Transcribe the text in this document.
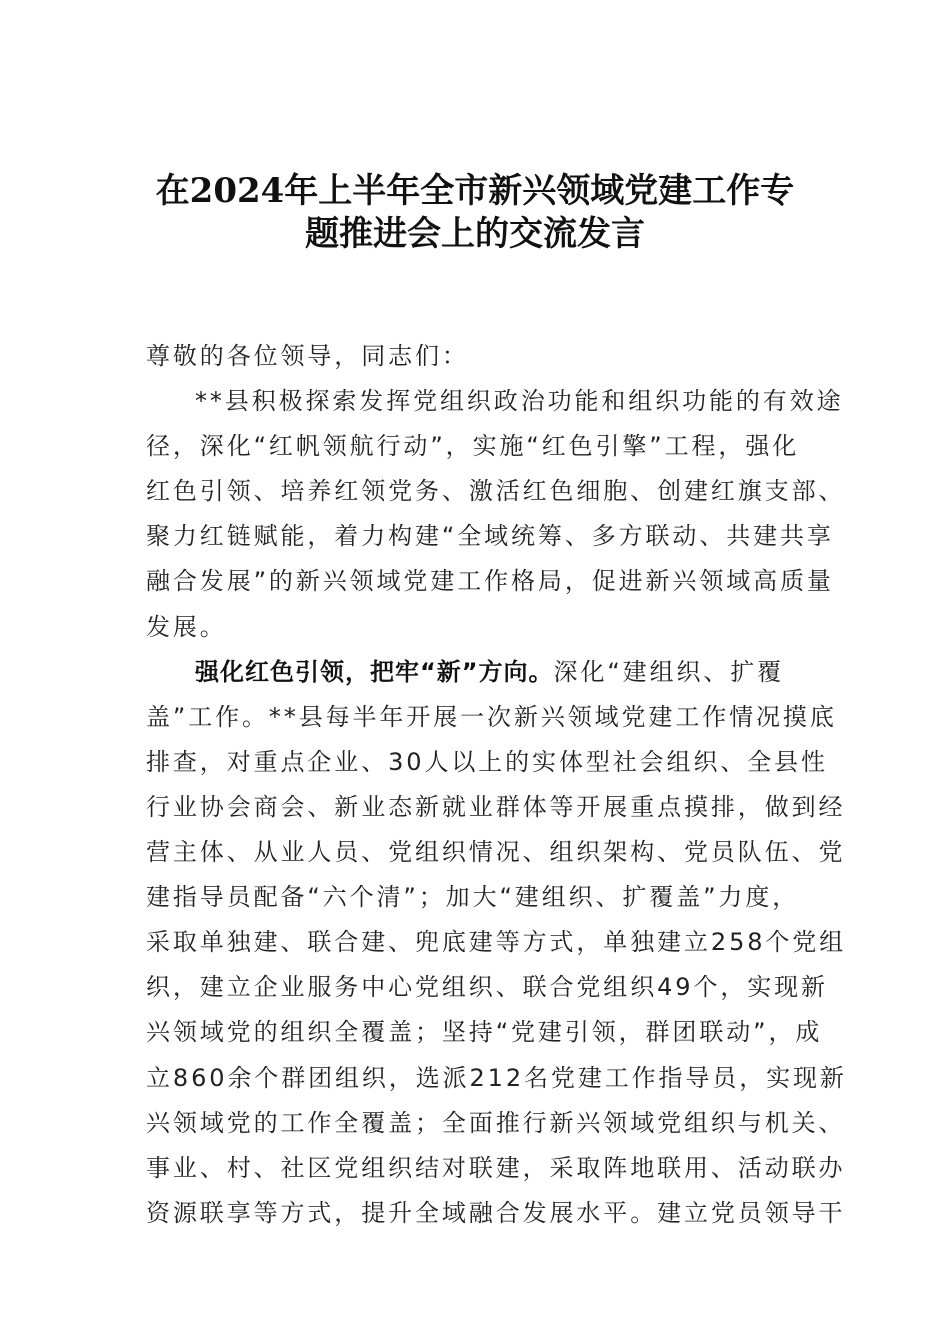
在2024年上半年全市新兴领域党建工作专
题推进会上的交流发言
尊敬的各位领导，同志们：
**县积极探索发挥党组织政治功能和组织功能的有效途
径，深化“红帆领航行动”，实施“红色引擎”工程，强化
红色引领、培养红领党务、激活红色细胞、创建红旗支部、
聚力红链赋能，着力构建“全域统筹、多方联动、共建共享
融合发展”的新兴领域党建工作格局，促进新兴领域高质量
发展。
强化红色引领，把牢“新”方向。深化“建组织、扩覆
盖”工作。**县每半年开展一次新兴领域党建工作情况摸底
排查，对重点企业、30人以上的实体型社会组织、全县性
行业协会商会、新业态新就业群体等开展重点摸排，做到经
营主体、从业人员、党组织情况、组织架构、党员队伍、党
建指导员配备“六个清”；加大“建组织、扩覆盖”力度，
采取单独建、联合建、兜底建等方式，单独建立258个党组
织，建立企业服务中心党组织、联合党组织49个，实现新
兴领域党的组织全覆盖；坚持“党建引领，群团联动”，成
立860余个群团组织，选派212名党建工作指导员，实现新
兴领域党的工作全覆盖；全面推行新兴领域党组织与机关、
事业、村、社区党组织结对联建，采取阵地联用、活动联办
资源联享等方式，提升全域融合发展水平。建立党员领导干
